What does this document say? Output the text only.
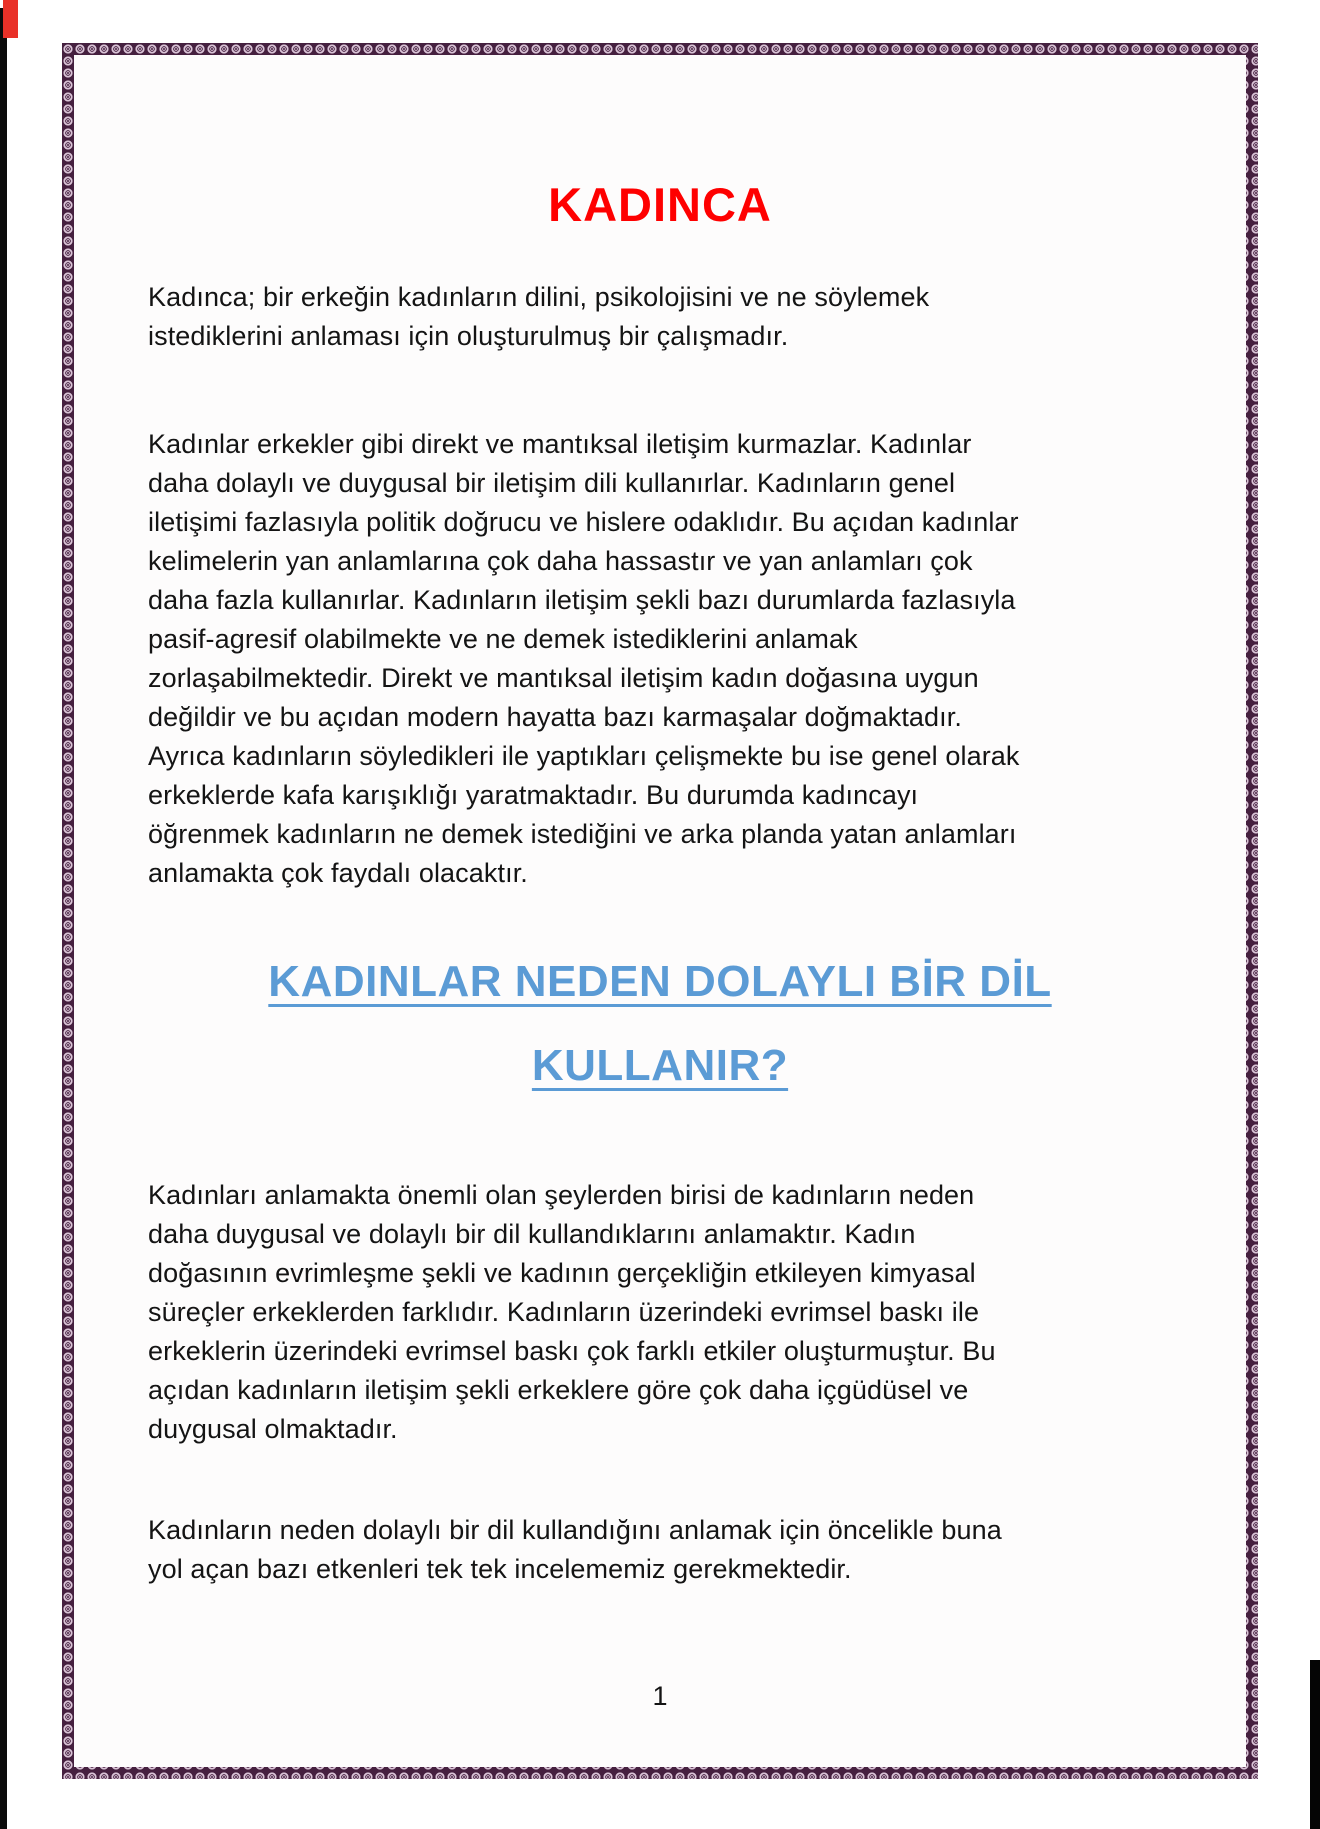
KADINCA
Kadınca; bir erkeğin kadınların dilini, psikolojisini ve ne söylemek
istediklerini anlaması için oluşturulmuş bir çalışmadır.
Kadınlar erkekler gibi direkt ve mantıksal iletişim kurmazlar. Kadınlar
daha dolaylı ve duygusal bir iletişim dili kullanırlar. Kadınların genel
iletişimi fazlasıyla politik doğrucu ve hislere odaklıdır. Bu açıdan kadınlar
kelimelerin yan anlamlarına çok daha hassastır ve yan anlamları çok
daha fazla kullanırlar. Kadınların iletişim şekli bazı durumlarda fazlasıyla
pasif-agresif olabilmekte ve ne demek istediklerini anlamak
zorlaşabilmektedir. Direkt ve mantıksal iletişim kadın doğasına uygun
değildir ve bu açıdan modern hayatta bazı karmaşalar doğmaktadır.
Ayrıca kadınların söyledikleri ile yaptıkları çelişmekte bu ise genel olarak
erkeklerde kafa karışıklığı yaratmaktadır. Bu durumda kadıncayı
öğrenmek kadınların ne demek istediğini ve arka planda yatan anlamları
anlamakta çok faydalı olacaktır.
KADINLAR NEDEN DOLAYLI BİR DİL
KULLANIR?
Kadınları anlamakta önemli olan şeylerden birisi de kadınların neden
daha duygusal ve dolaylı bir dil kullandıklarını anlamaktır. Kadın
doğasının evrimleşme şekli ve kadının gerçekliğin etkileyen kimyasal
süreçler erkeklerden farklıdır. Kadınların üzerindeki evrimsel baskı ile
erkeklerin üzerindeki evrimsel baskı çok farklı etkiler oluşturmuştur. Bu
açıdan kadınların iletişim şekli erkeklere göre çok daha içgüdüsel ve
duygusal olmaktadır.
Kadınların neden dolaylı bir dil kullandığını anlamak için öncelikle buna
yol açan bazı etkenleri tek tek incelememiz gerekmektedir.
1
